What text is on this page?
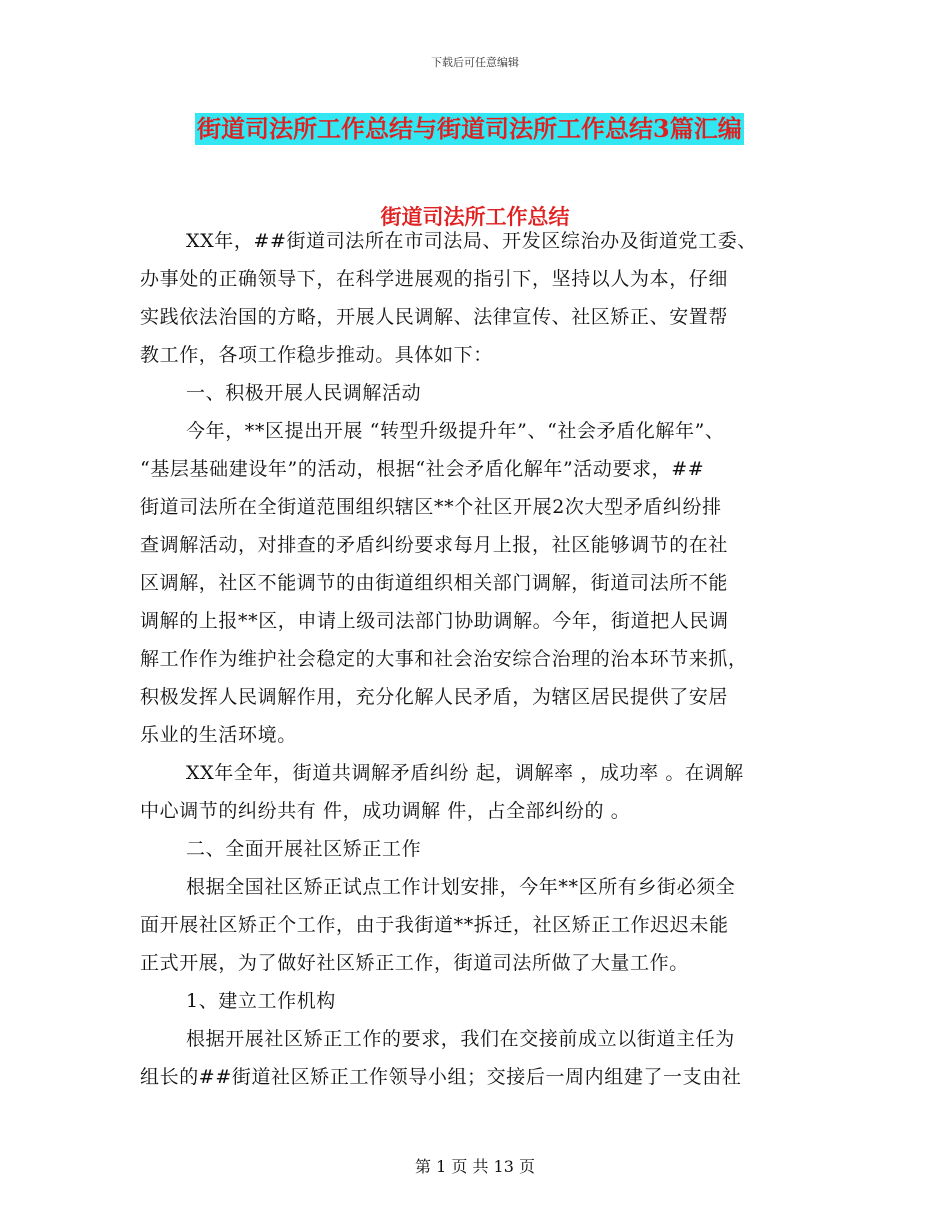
下载后可任意编辑
街道司法所工作总结与街道司法所工作总结3篇汇编
街道司法所工作总结
XX年，##街道司法所在市司法局、开发区综治办及街道党工委、
办事处的正确领导下，在科学进展观的指引下，坚持以人为本，仔细
实践依法治国的方略，开展人民调解、法律宣传、社区矫正、安置帮
教工作，各项工作稳步推动。具体如下：
一、积极开展人民调解活动
今年，**区提出开展 “转型升级提升年”、“社会矛盾化解年”、
“基层基础建设年”的活动，根据“社会矛盾化解年”活动要求，##
街道司法所在全街道范围组织辖区**个社区开展2次大型矛盾纠纷排
查调解活动，对排查的矛盾纠纷要求每月上报，社区能够调节的在社
区调解，社区不能调节的由街道组织相关部门调解，街道司法所不能
调解的上报**区，申请上级司法部门协助调解。今年，街道把人民调
解工作作为维护社会稳定的大事和社会治安综合治理的治本环节来抓，
积极发挥人民调解作用，充分化解人民矛盾，为辖区居民提供了安居
乐业的生活环境。
XX年全年，街道共调解矛盾纠纷 起，调解率 ，成功率 。在调解
中心调节的纠纷共有 件，成功调解 件，占全部纠纷的 。
二、全面开展社区矫正工作
根据全国社区矫正试点工作计划安排，今年**区所有乡街必须全
面开展社区矫正个工作，由于我街道**拆迁，社区矫正工作迟迟未能
正式开展，为了做好社区矫正工作，街道司法所做了大量工作。
1、建立工作机构
根据开展社区矫正工作的要求，我们在交接前成立以街道主任为
组长的##街道社区矫正工作领导小组；交接后一周内组建了一支由社
第 1 页 共 13 页
